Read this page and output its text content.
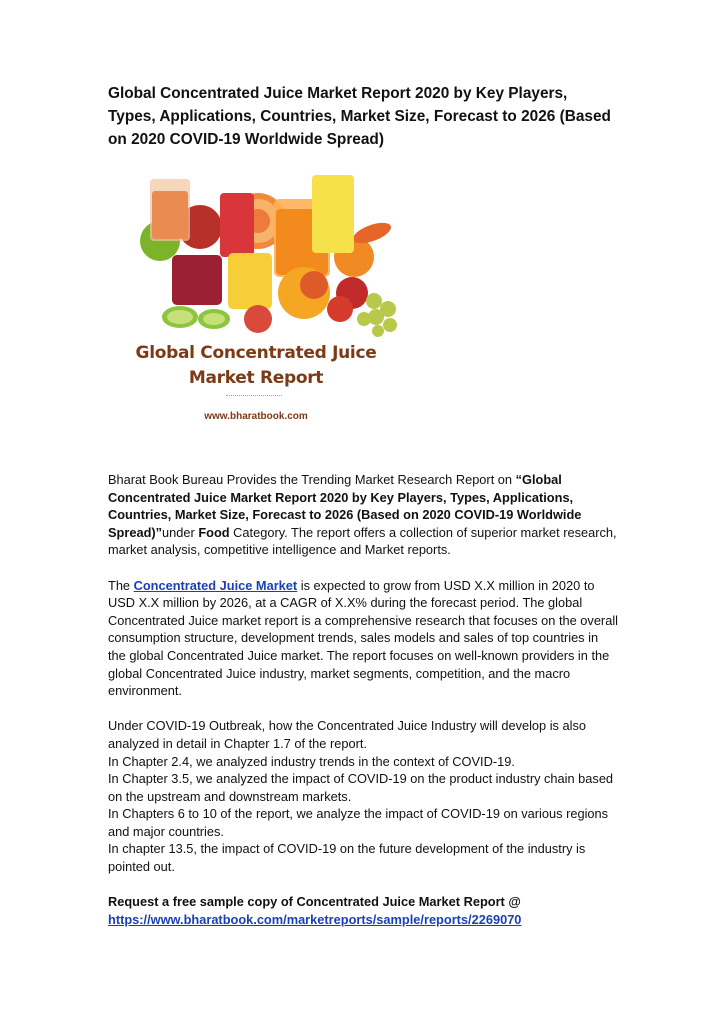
Global Concentrated Juice Market Report 2020 by Key Players, Types, Applications, Countries, Market Size, Forecast to 2026 (Based on 2020 COVID-19 Worldwide Spread)
Global Concentrated Juice Market Report
www.bharatbook.com

Bharat Book Bureau Provides the Trending Market Research Report on “Global Concentrated Juice Market Report 2020 by Key Players, Types, Applications, Countries, Market Size, Forecast to 2026 (Based on 2020 COVID-19 Worldwide Spread)”under Food Category. The report offers a collection of superior market research, market analysis, competitive intelligence and Market reports.

The Concentrated Juice Market is expected to grow from USD X.X million in 2020 to USD X.X million by 2026, at a CAGR of X.X% during the forecast period. The global Concentrated Juice market report is a comprehensive research that focuses on the overall consumption structure, development trends, sales models and sales of top countries in the global Concentrated Juice market. The report focuses on well-known providers in the global Concentrated Juice industry, market segments, competition, and the macro environment.

Under COVID-19 Outbreak, how the Concentrated Juice Industry will develop is also analyzed in detail in Chapter 1.7 of the report.
In Chapter 2.4, we analyzed industry trends in the context of COVID-19.
In Chapter 3.5, we analyzed the impact of COVID-19 on the product industry chain based on the upstream and downstream markets.
In Chapters 6 to 10 of the report, we analyze the impact of COVID-19 on various regions and major countries.
In chapter 13.5, the impact of COVID-19 on the future development of the industry is pointed out.

Request a free sample copy of Concentrated Juice Market Report @
https://www.bharatbook.com/marketreports/sample/reports/2269070
